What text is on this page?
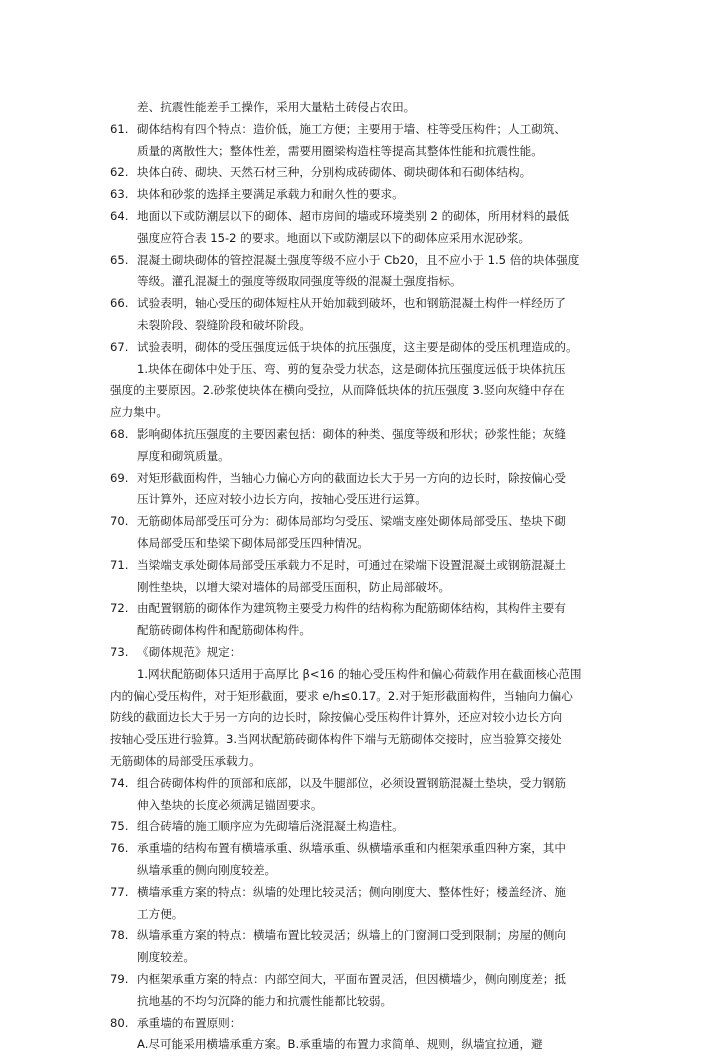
差、抗震性能差手工操作，采用大量粘土砖侵占农田。
61. 砌体结构有四个特点：造价低，施工方便；主要用于墙、柱等受压构件；人工砌筑、
质量的离散性大；整体性差，需要用圈梁构造柱等提高其整体性能和抗震性能。
62. 块体白砖、砌块、天然石材三种，分别构成砖砌体、砌块砌体和石砌体结构。
63. 块体和砂浆的选择主要满足承载力和耐久性的要求。
64. 地面以下或防潮层以下的砌体、超市房间的墙或环境类别 2 的砌体，所用材料的最低
强度应符合表 15-2 的要求。地面以下或防潮层以下的砌体应采用水泥砂浆。
65. 混凝土砌块砌体的管控混凝土强度等级不应小于 Cb20，且不应小于 1.5 倍的块体强度
等级。灌孔混凝土的强度等级取同强度等级的混凝土强度指标。
66. 试验表明，轴心受压的砌体短柱从开始加载到破坏，也和钢筋混凝土构件一样经历了
未裂阶段、裂缝阶段和破坏阶段。
67. 试验表明，砌体的受压强度远低于块体的抗压强度，这主要是砌体的受压机理造成的。
1.块体在砌体中处于压、弯、剪的复杂受力状态，这是砌体抗压强度远低于块体抗压
强度的主要原因。2.砂浆使块体在横向受拉，从而降低块体的抗压强度 3.竖向灰缝中存在
应力集中。
68. 影响砌体抗压强度的主要因素包括：砌体的种类、强度等级和形状；砂浆性能；灰缝
厚度和砌筑质量。
69. 对矩形截面构件，当轴心力偏心方向的截面边长大于另一方向的边长时，除按偏心受
压计算外，还应对较小边长方向，按轴心受压进行运算。
70. 无筋砌体局部受压可分为：砌体局部均匀受压、梁端支座处砌体局部受压、垫块下砌
体局部受压和垫梁下砌体局部受压四种情况。
71. 当梁端支承处砌体局部受压承载力不足时，可通过在梁端下设置混凝土或钢筋混凝土
刚性垫块，以增大梁对墙体的局部受压面积，防止局部破坏。
72. 由配置钢筋的砌体作为建筑物主要受力构件的结构称为配筋砌体结构，其构件主要有
配筋砖砌体构件和配筋砌体构件。
73. 《砌体规范》规定：
1.网状配筋砌体只适用于高厚比 β<16 的轴心受压构件和偏心荷载作用在截面核心范围
内的偏心受压构件，对于矩形截面，要求 e/h≤0.17。2.对于矩形截面构件，当轴向力偏心
防线的截面边长大于另一方向的边长时，除按偏心受压构件计算外，还应对较小边长方向
按轴心受压进行验算。3.当网状配筋砖砌体构件下端与无筋砌体交接时，应当验算交接处
无筋砌体的局部受压承载力。
74. 组合砖砌体构件的顶部和底部，以及牛腿部位，必须设置钢筋混凝土垫块，受力钢筋
伸入垫块的长度必须满足锚固要求。
75. 组合砖墙的施工顺序应为先砌墙后浇混凝土构造柱。
76. 承重墙的结构布置有横墙承重、纵墙承重、纵横墙承重和内框架承重四种方案，其中
纵墙承重的侧向刚度较差。
77. 横墙承重方案的特点：纵墙的处理比较灵活；侧向刚度大、整体性好；楼盖经济、施
工方便。
78. 纵墙承重方案的特点：横墙布置比较灵活；纵墙上的门窗洞口受到限制；房屋的侧向
刚度较差。
79. 内框架承重方案的特点：内部空间大，平面布置灵活，但因横墙少，侧向刚度差；抵
抗地基的不均匀沉降的能力和抗震性能都比较弱。
80. 承重墙的布置原则：
A.尽可能采用横墙承重方案。B.承重墙的布置力求简单、规则，纵墙宜拉通，避
